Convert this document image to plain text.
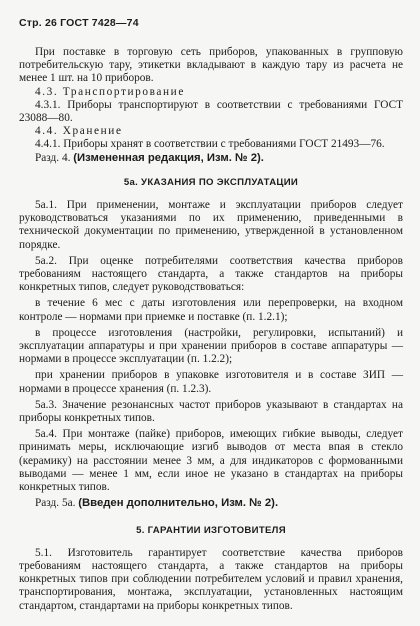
Стр. 26 ГОСТ 7428—74

При поставке в торговую сеть приборов, упакованных в групповую потребительскую тару, этикетки вкладывают в каждую тару из расчета не менее 1 шт. на 10 приборов.

4.3. Транспортирование

4.3.1. Приборы транспортируют в соответствии с требованиями ГОСТ 23088—80.

4.4. Хранение

4.4.1. Приборы хранят в соответствии с требованиями ГОСТ 21493—76.

Разд. 4. (Измененная редакция, Изм. № 2).

5а. УКАЗАНИЯ ПО ЭКСПЛУАТАЦИИ

5а.1. При применении, монтаже и эксплуатации приборов следует руководствоваться указаниями по их применению, приведенными в технической документации по применению, утвержденной в установленном порядке.

5а.2. При оценке потребителями соответствия качества приборов требованиям настоящего стандарта, а также стандартов на приборы конкретных типов, следует руководствоваться:

в течение 6 мес с даты изготовления или перепроверки, на входном контроле — нормами при приемке и поставке (п. 1.2.1);

в процессе изготовления (настройки, регулировки, испытаний) и эксплуатации аппаратуры и при хранении приборов в составе аппаратуры — нормами в процессе эксплуатации (п. 1.2.2);

при хранении приборов в упаковке изготовителя и в составе ЗИП — нормами в процессе хранения (п. 1.2.3).

5а.3. Значение резонансных частот приборов указывают в стандартах на приборы конкретных типов.

5а.4. При монтаже (пайке) приборов, имеющих гибкие выводы, следует принимать меры, исключающие изгиб выводов от места впая в стекло (керамику) на расстоянии менее 3 мм, а для индикаторов с формованными выводами — менее 1 мм, если иное не указано в стандартах на приборы конкретных типов.

Разд. 5а. (Введен дополнительно, Изм. № 2).

5. ГАРАНТИИ ИЗГОТОВИТЕЛЯ

5.1. Изготовитель гарантирует соответствие качества приборов требованиям настоящего стандарта, а также стандартов на приборы конкретных типов при соблюдении потребителем условий и правил хранения, транспортирования, монтажа, эксплуатации, установленных настоящим стандартом, стандартами на приборы конкретных типов.
